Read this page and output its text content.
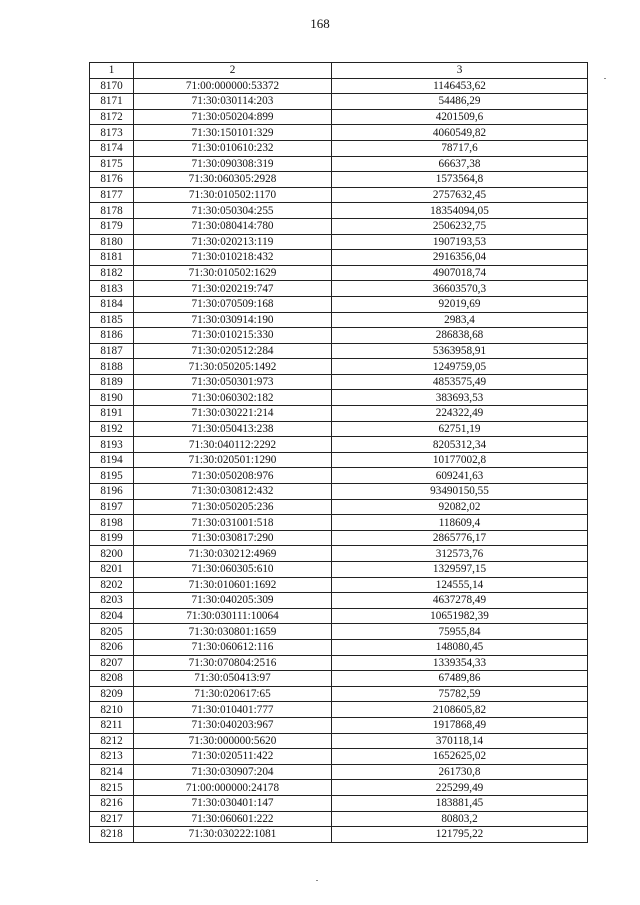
168
1	2	3
8170	71:00:000000:53372	1146453,62
8171	71:30:030114:203	54486,29
8172	71:30:050204:899	4201509,6
8173	71:30:150101:329	4060549,82
8174	71:30:010610:232	78717,6
8175	71:30:090308:319	66637,38
8176	71:30:060305:2928	1573564,8
8177	71:30:010502:1170	2757632,45
8178	71:30:050304:255	18354094,05
8179	71:30:080414:780	2506232,75
8180	71:30:020213:119	1907193,53
8181	71:30:010218:432	2916356,04
8182	71:30:010502:1629	4907018,74
8183	71:30:020219:747	36603570,3
8184	71:30:070509:168	92019,69
8185	71:30:030914:190	2983,4
8186	71:30:010215:330	286838,68
8187	71:30:020512:284	5363958,91
8188	71:30:050205:1492	1249759,05
8189	71:30:050301:973	4853575,49
8190	71:30:060302:182	383693,53
8191	71:30:030221:214	224322,49
8192	71:30:050413:238	62751,19
8193	71:30:040112:2292	8205312,34
8194	71:30:020501:1290	10177002,8
8195	71:30:050208:976	609241,63
8196	71:30:030812:432	93490150,55
8197	71:30:050205:236	92082,02
8198	71:30:031001:518	118609,4
8199	71:30:030817:290	2865776,17
8200	71:30:030212:4969	312573,76
8201	71:30:060305:610	1329597,15
8202	71:30:010601:1692	124555,14
8203	71:30:040205:309	4637278,49
8204	71:30:030111:10064	10651982,39
8205	71:30:030801:1659	75955,84
8206	71:30:060612:116	148080,45
8207	71:30:070804:2516	1339354,33
8208	71:30:050413:97	67489,86
8209	71:30:020617:65	75782,59
8210	71:30:010401:777	2108605,82
8211	71:30:040203:967	1917868,49
8212	71:30:000000:5620	370118,14
8213	71:30:020511:422	1652625,02
8214	71:30:030907:204	261730,8
8215	71:00:000000:24178	225299,49
8216	71:30:030401:147	183881,45
8217	71:30:060601:222	80803,2
8218	71:30:030222:1081	121795,22
